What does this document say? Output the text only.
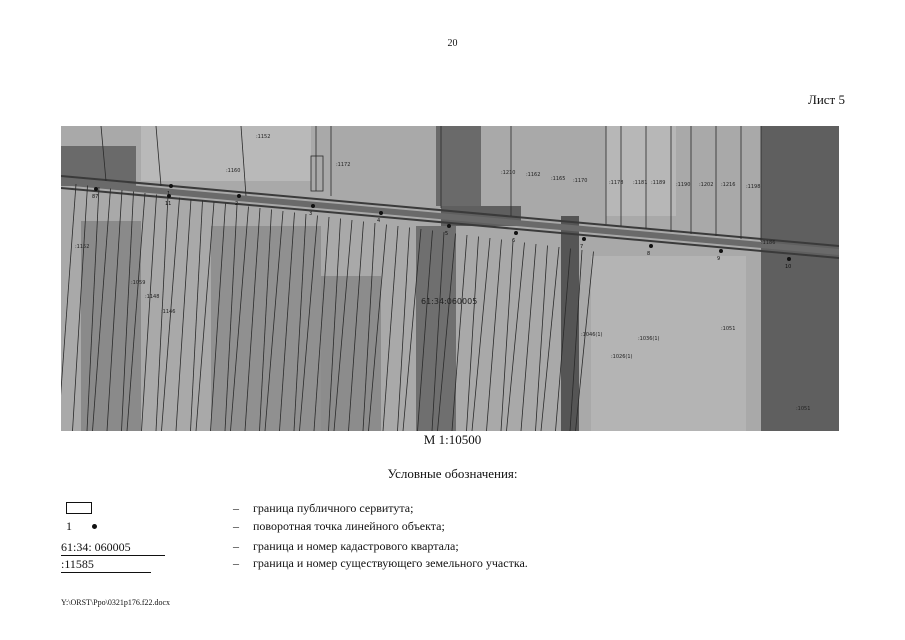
20
Лист 5
:1152
:1160
:1172
:1162
:1165 :1170	:1178 :1181 :1189 :1190 :1202 :1216
:1210
:1186
:1198
:1152
:1059
:1051
:1148
:1146
:1046(1)
:1036(1)
:1026(1)
:1051
61:34:060005
87	1
2
3
4
5
6
7
8
9
10
11
М 1:10500
Условные обозначения:
– граница публичного сервитута;
1	– поворотная точка линейного объекта;
61:34: 060005	– граница и номер кадастрового квартала;
:11585	– граница и номер существующего земельного участка.
Y:\ORST\Ppo\0321p176.f22.docx
